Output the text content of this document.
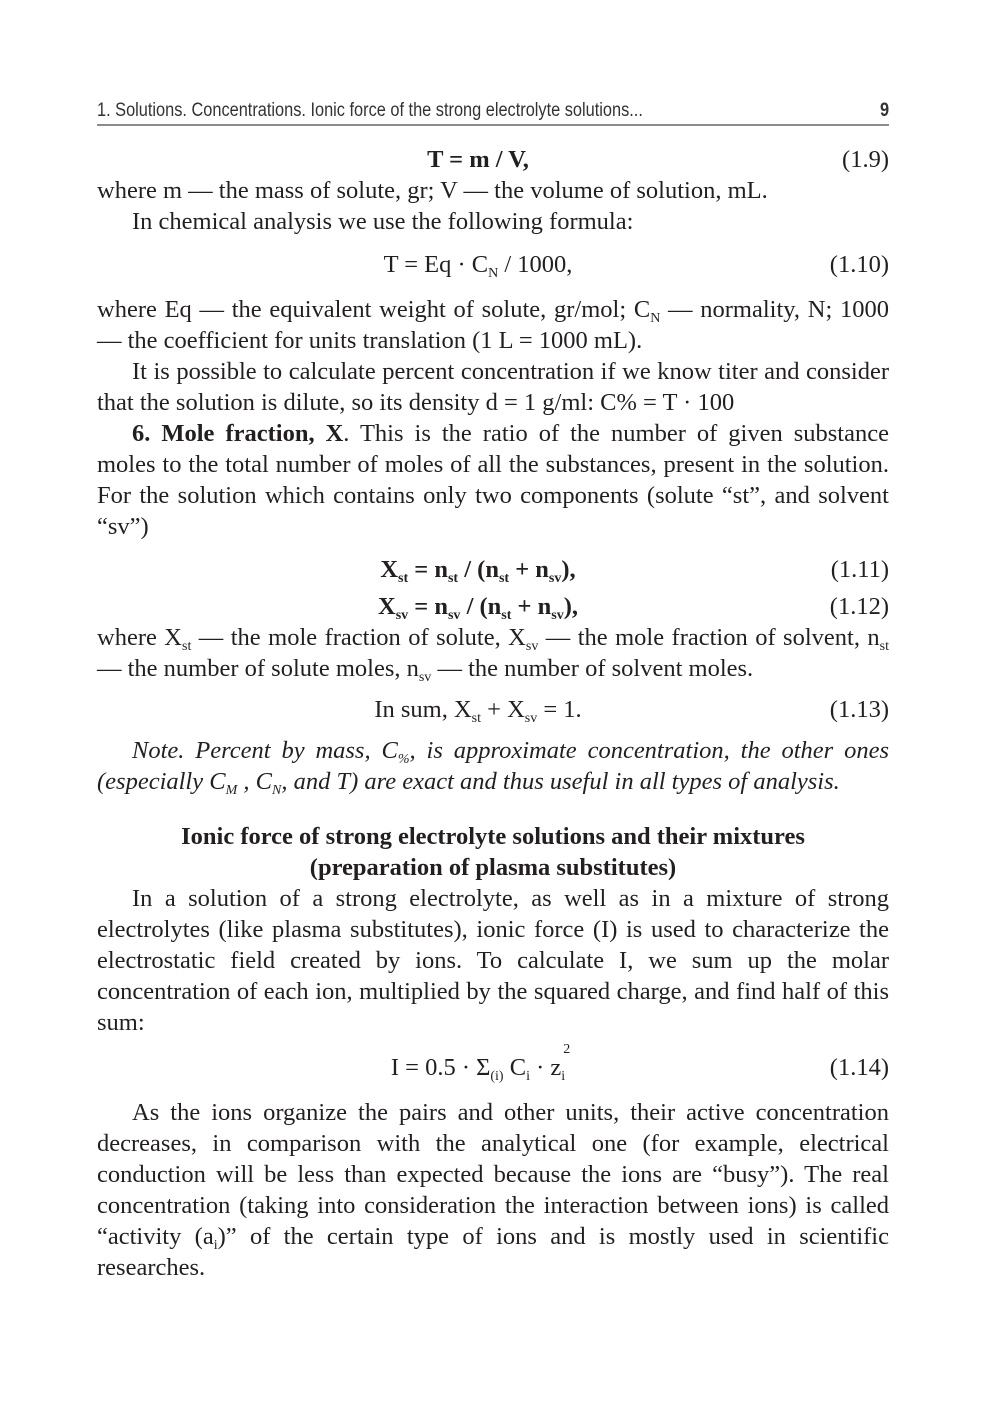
1. Solutions. Concentrations. Ionic force of the strong electrolyte solutions...	9
T = m / V,	(1.9)

where m — the mass of solute, gr; V — the volume of solution, mL.

In chemical analysis we use the following formula:

$T = Eq \cdot C_N / 1000$,	(1.10)

where Eq — the equivalent weight of solute, gr/mol; $C_N$ — normality, N; 1000 — the coefficient for units translation (1 L = 1000 mL).

It is possible to calculate percent concentration if we know titer and consider that the solution is dilute, so its density d = 1 g/ml: C% = T · 100

6. Mole fraction, X. This is the ratio of the number of given substance moles to the total number of moles of all the substances, present in the solution. For the solution which contains only two components (solute “st”, and solvent “sv”)

$X_{st} = n_{st} / (n_{st} + n_{sv})$,	(1.11)
$X_{sv} = n_{sv} / (n_{st} + n_{sv})$,	(1.12)

where $X_{st}$ — the mole fraction of solute, $X_{sv}$ — the mole fraction of solvent, $n_{st}$ — the number of solute moles, $n_{sv}$ — the number of solvent moles.

In sum, $X_{st} + X_{sv} = 1$.	(1.13)

Note. Percent by mass, $C_{\%}$, is approximate concentration, the other ones (especially $C_M$ , $C_N$, and T) are exact and thus useful in all types of analysis.

Ionic force of strong electrolyte solutions and their mixtures

(preparation of plasma substitutes)

In a solution of a strong electrolyte, as well as in a mixture of strong electrolytes (like plasma substitutes), ionic force (I) is used to characterize the electrostatic field created by ions. To calculate I, we sum up the molar concentration of each ion, multiplied by the squared charge, and find half of this sum:

$I = 0.5 \cdot \Sigma_{(i)}$ $C_i \cdot z$
2
$_i$	(1.14)

As the ions organize the pairs and other units, their active concentration decreases, in comparison with the analytical one (for example, electrical conduction will be less than expected because the ions are “busy”). The real concentration (taking into consideration the interaction between ions) is called “activity $(a_i)$” of the certain type of ions and is mostly used in scientific researches.
